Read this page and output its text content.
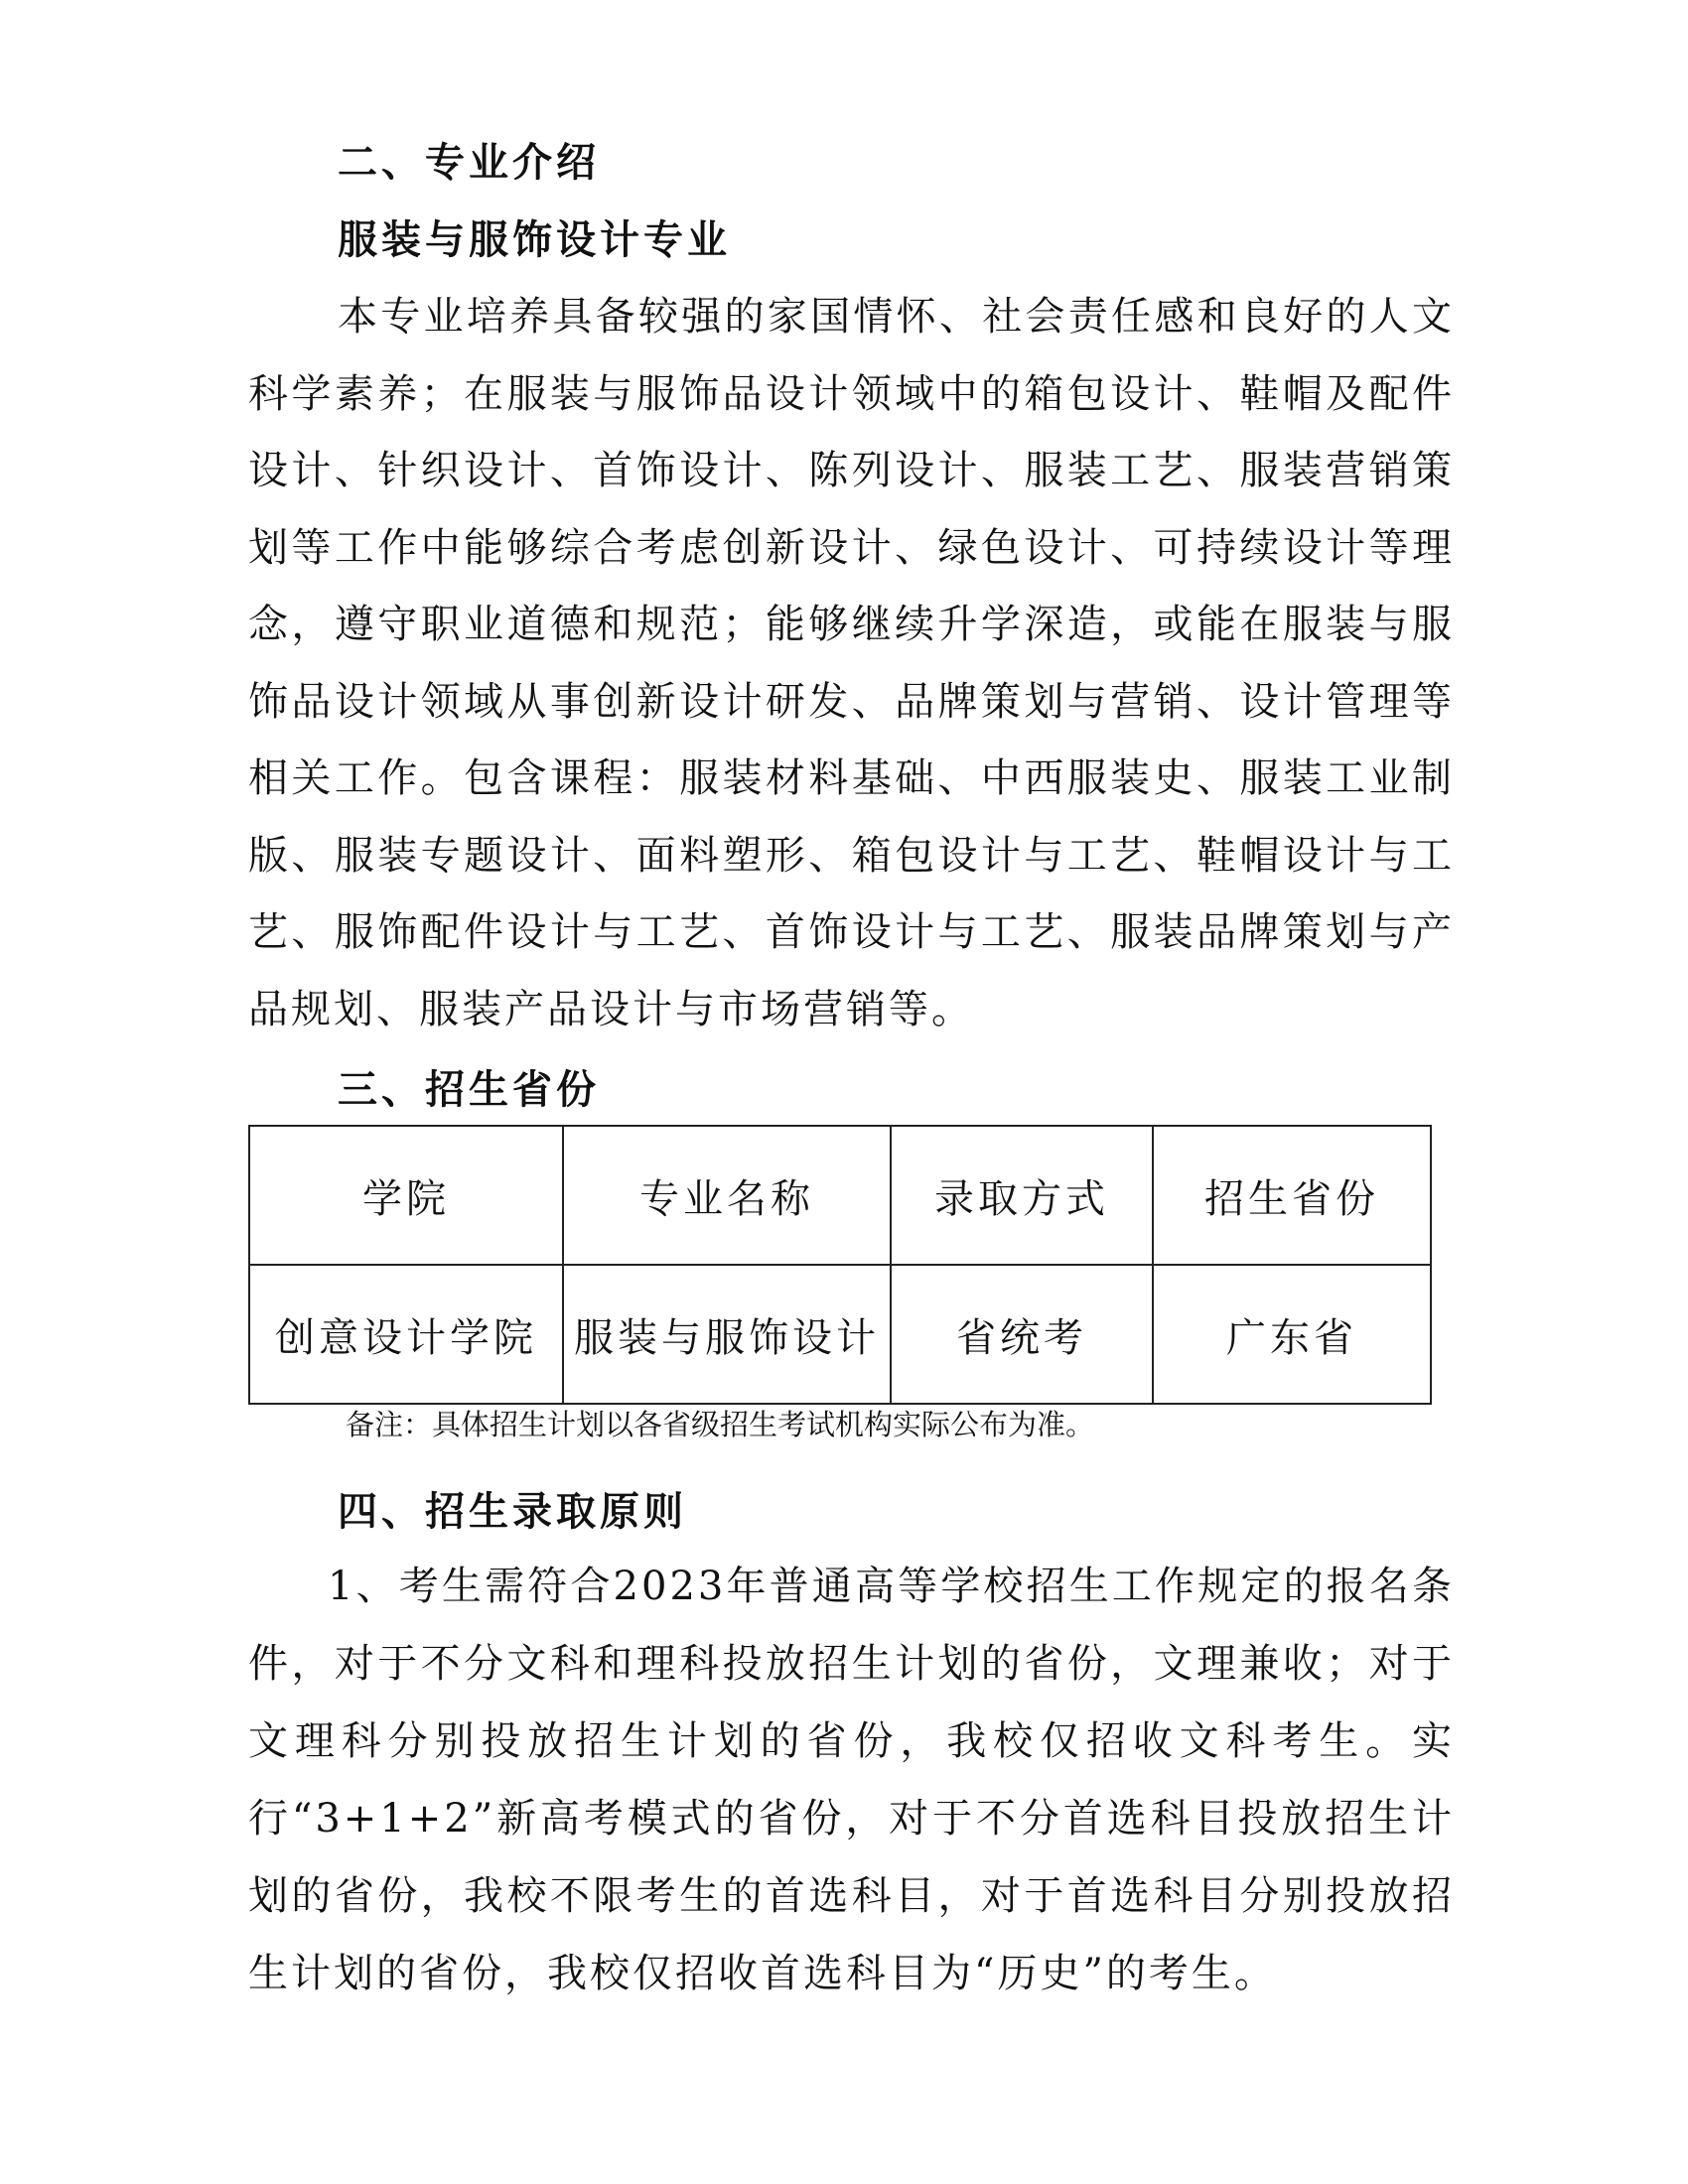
二、专业介绍
服装与服饰设计专业
本专业培养具备较强的家国情怀、社会责任感和良好的人文科学素养；在服装与服饰品设计领域中的箱包设计、鞋帽及配件设计、针织设计、首饰设计、陈列设计、服装工艺、服装营销策划等工作中能够综合考虑创新设计、绿色设计、可持续设计等理念，遵守职业道德和规范；能够继续升学深造，或能在服装与服饰品设计领域从事创新设计研发、品牌策划与营销、设计管理等相关工作。包含课程：服装材料基础、中西服装史、服装工业制版、服装专题设计、面料塑形、箱包设计与工艺、鞋帽设计与工艺、服饰配件设计与工艺、首饰设计与工艺、服装品牌策划与产品规划、服装产品设计与市场营销等。
三、招生省份
学院	专业名称	录取方式	招生省份
创意设计学院	服装与服饰设计	省统考	广东省
备注：具体招生计划以各省级招生考试机构实际公布为准。
四、招生录取原则
1、考生需符合2023年普通高等学校招生工作规定的报名条件，对于不分文科和理科投放招生计划的省份，文理兼收；对于文理科分别投放招生计划的省份，我校仅招收文科考生。实行“3+1+2”新高考模式的省份，对于不分首选科目投放招生计划的省份，我校不限考生的首选科目，对于首选科目分别投放招生计划的省份，我校仅招收首选科目为“历史”的考生。
